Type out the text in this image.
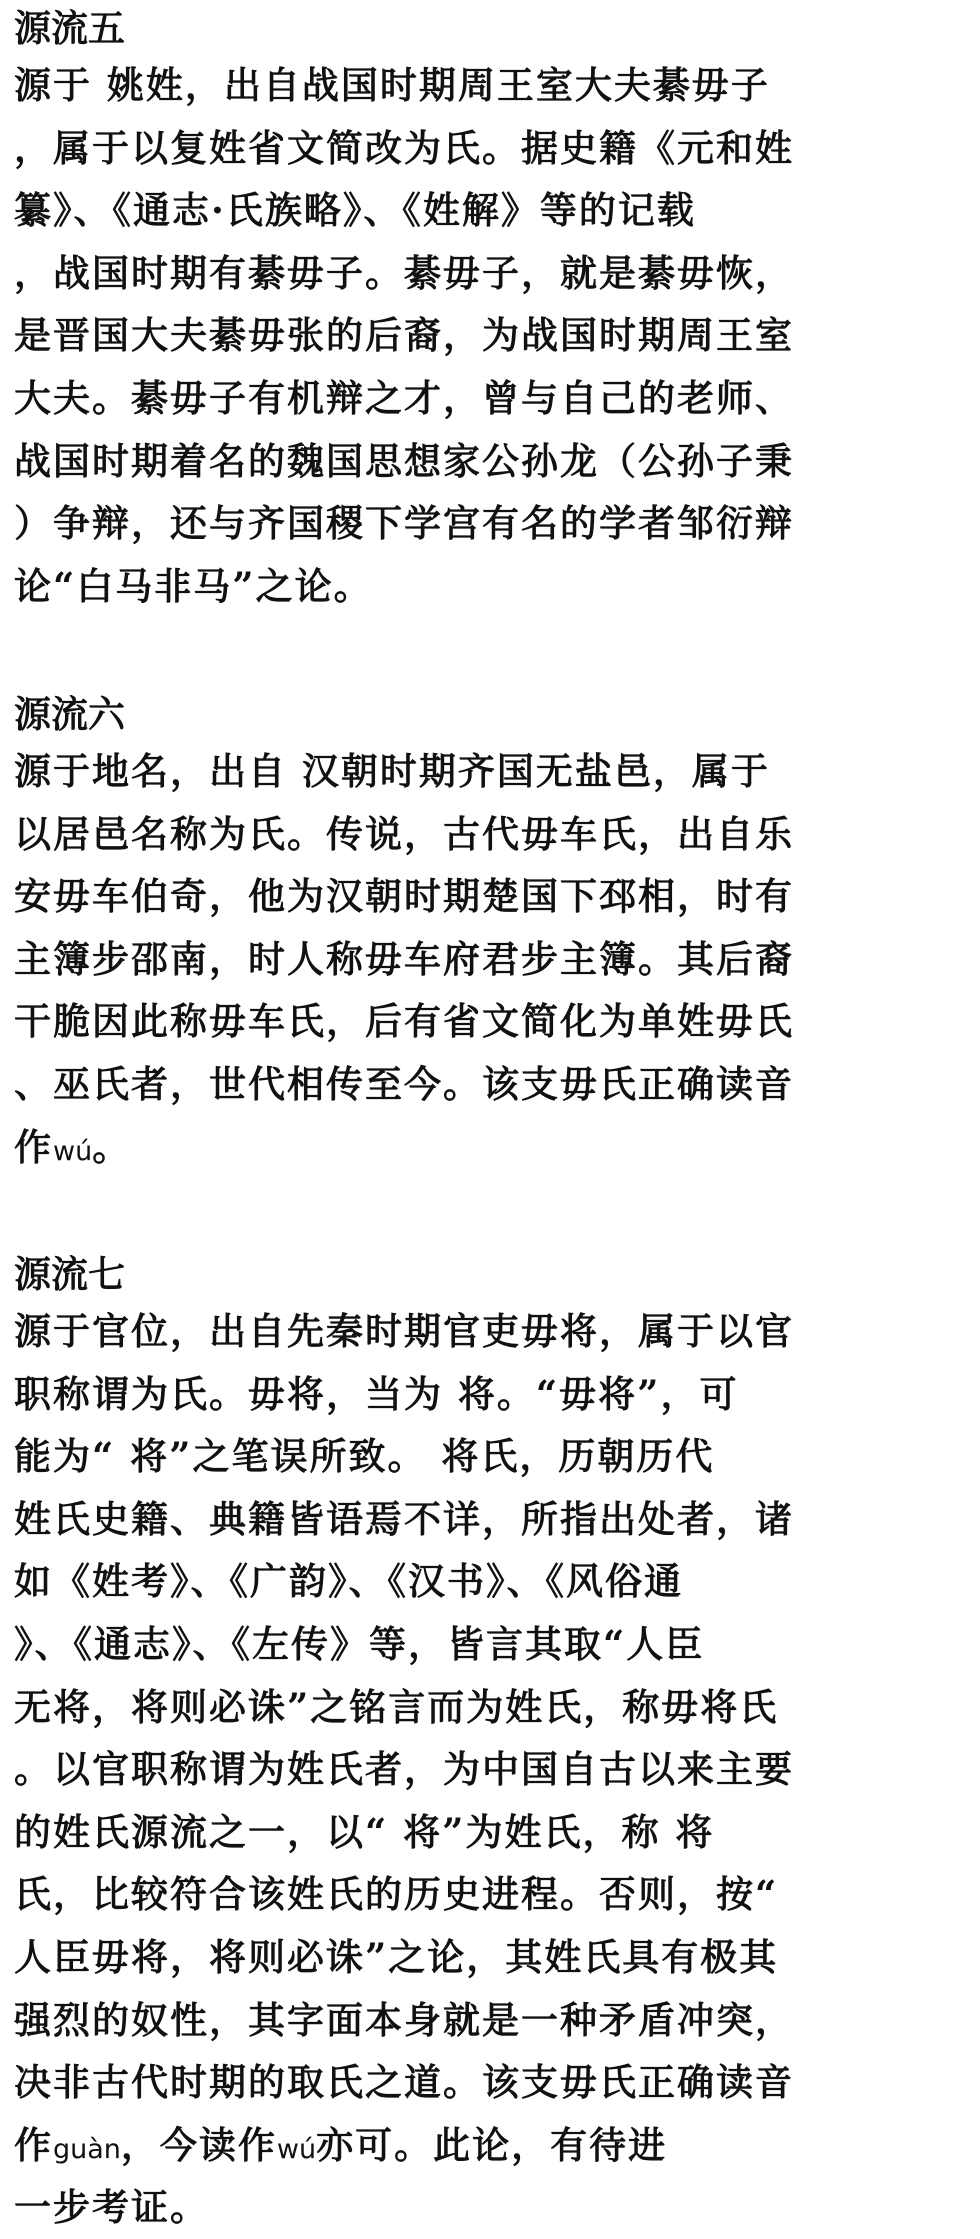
源流五
源于 姚姓，出自战国时期周王室大夫綦毋子
，属于以复姓省文简改为氏。据史籍《元和姓
纂》、《通志·氏族略》、《姓解》等的记载
，战国时期有綦毋子。綦毋子，就是綦毋恢，
是晋国大夫綦毋张的后裔，为战国时期周王室
大夫。綦毋子有机辩之才，曾与自己的老师、
战国时期着名的魏国思想家公孙龙（公孙子秉
）争辩，还与齐国稷下学宫有名的学者邹衍辩
论“白马非马”之论。
源流六
源于地名，出自 汉朝时期齐国无盐邑，属于
以居邑名称为氏。传说，古代毋车氏，出自乐
安毋车伯奇，他为汉朝时期楚国下邳相，时有
主簿步邵南，时人称毋车府君步主簿。其后裔
干脆因此称毋车氏，后有省文简化为单姓毋氏
、巫氏者，世代相传至今。该支毋氏正确读音
作wú。
源流七
源于官位，出自先秦时期官吏毋将，属于以官
职称谓为氏。毋将，当为 将。“毋将”，可
能为“ 将”之笔误所致。 将氏，历朝历代
姓氏史籍、典籍皆语焉不详，所指出处者，诸
如《姓考》、《广韵》、《汉书》、《风俗通
》、《通志》、《左传》等，皆言其取“人臣
无将，将则必诛”之铭言而为姓氏，称毋将氏
。以官职称谓为姓氏者，为中国自古以来主要
的姓氏源流之一，以“ 将”为姓氏，称 将
氏，比较符合该姓氏的历史进程。否则，按“
人臣毋将，将则必诛”之论，其姓氏具有极其
强烈的奴性，其字面本身就是一种矛盾冲突，
决非古代时期的取氏之道。该支毋氏正确读音
作guàn，今读作wú亦可。此论，有待进
一步考证。
